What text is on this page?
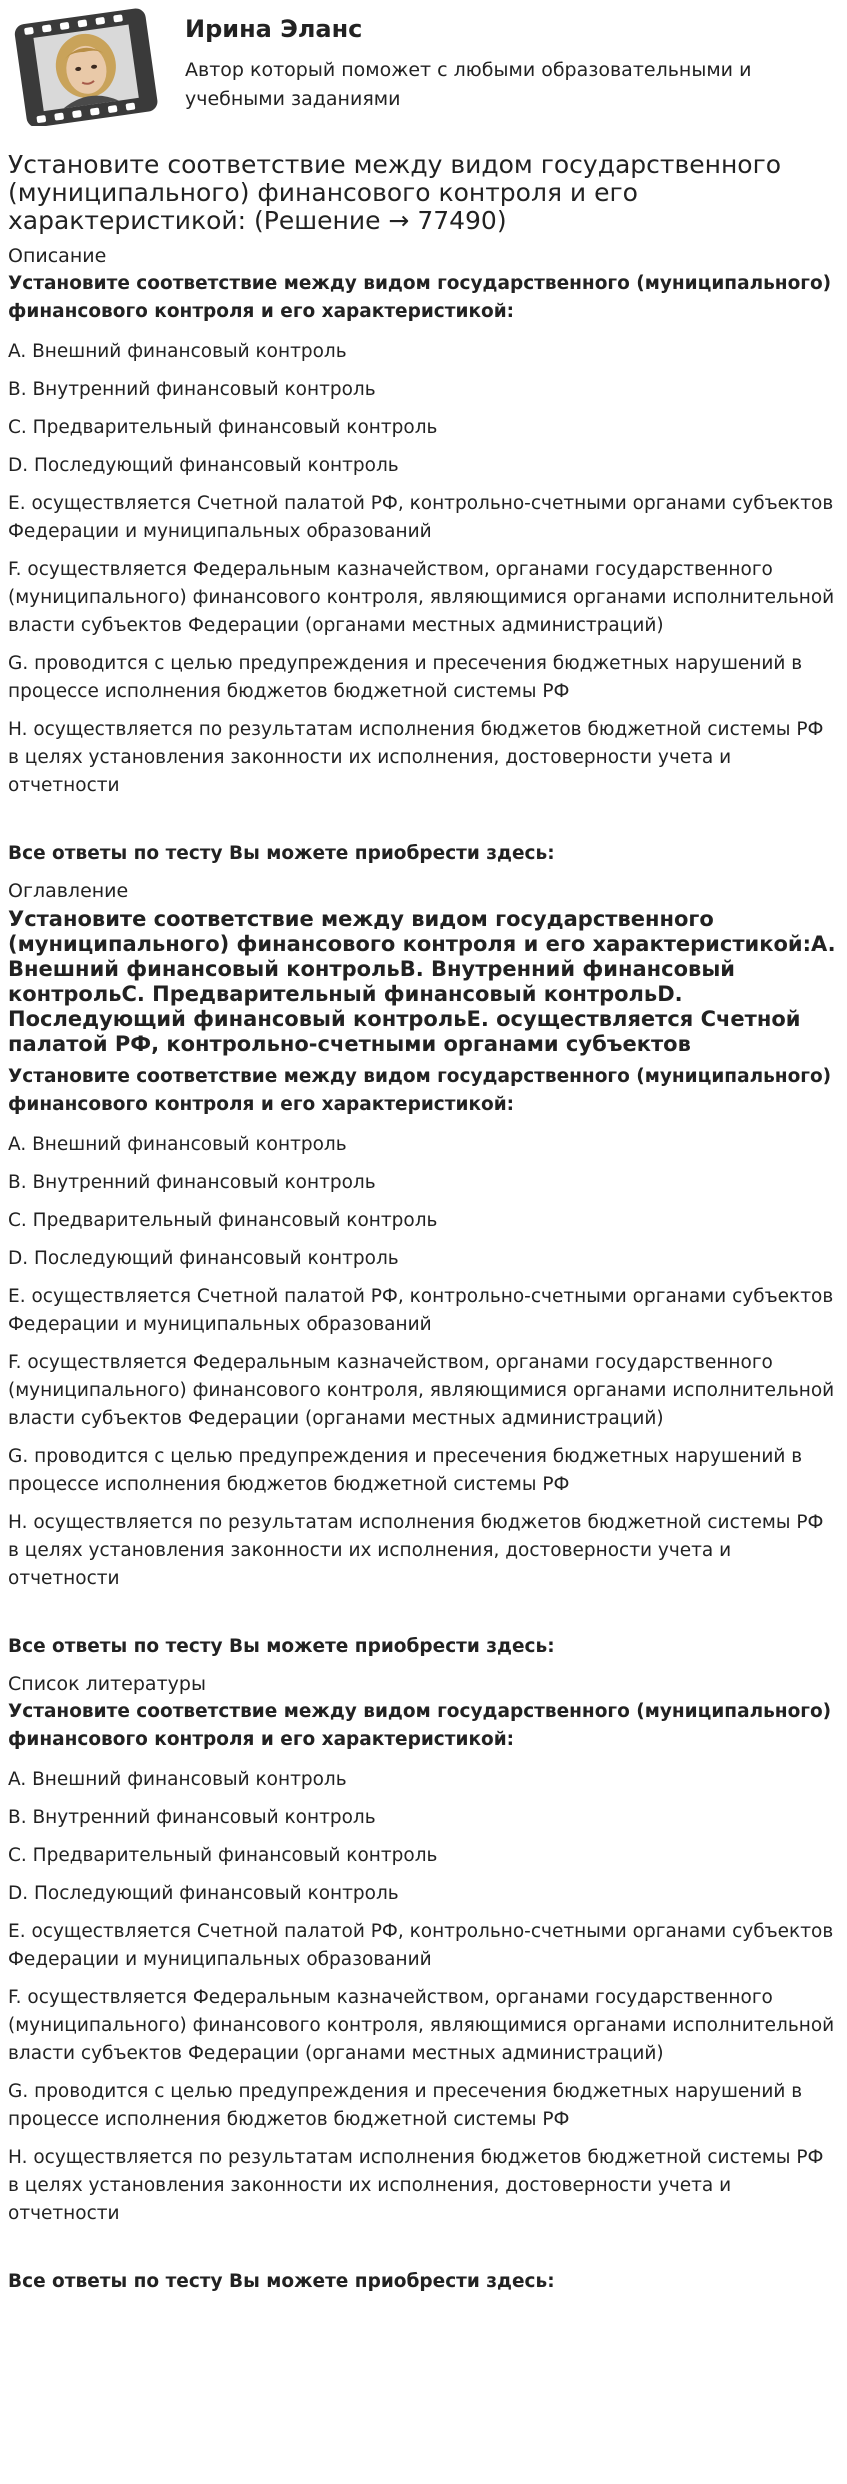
Ирина Эланс

Автор который поможет с любыми образовательными и учебными заданиями

Установите соответствие между видом государственного (муниципального) финансового контроля и его характеристикой: (Решение → 77490)

Описание

Установите соответствие между видом государственного (муниципального) финансового контроля и его характеристикой:

A. Внешний финансовый контроль

B. Внутренний финансовый контроль

C. Предварительный финансовый контроль

D. Последующий финансовый контроль

E. осуществляется Счетной палатой РФ, контрольно-счетными органами субъектов Федерации и муниципальных образований

F. осуществляется Федеральным казначейством, органами государственного (муниципального) финансового контроля, являющимися органами исполнительной власти субъектов Федерации (органами местных администраций)

G. проводится с целью предупреждения и пресечения бюджетных нарушений в процессе исполнения бюджетов бюджетной системы РФ

H. осуществляется по результатам исполнения бюджетов бюджетной системы РФ в целях установления законности их исполнения, достоверности учета и отчетности

Все ответы по тесту Вы можете приобрести здесь:

Оглавление

Установите соответствие между видом государственного (муниципального) финансового контроля и его характеристикой:A. Внешний финансовый контрольB. Внутренний финансовый контрольC. Предварительный финансовый контрольD. Последующий финансовый контрольE. осуществляется Счетной палатой РФ, контрольно-счетными органами субъектов

Установите соответствие между видом государственного (муниципального) финансового контроля и его характеристикой:

A. Внешний финансовый контроль

B. Внутренний финансовый контроль

C. Предварительный финансовый контроль

D. Последующий финансовый контроль

E. осуществляется Счетной палатой РФ, контрольно-счетными органами субъектов Федерации и муниципальных образований

F. осуществляется Федеральным казначейством, органами государственного (муниципального) финансового контроля, являющимися органами исполнительной власти субъектов Федерации (органами местных администраций)

G. проводится с целью предупреждения и пресечения бюджетных нарушений в процессе исполнения бюджетов бюджетной системы РФ

H. осуществляется по результатам исполнения бюджетов бюджетной системы РФ в целях установления законности их исполнения, достоверности учета и отчетности

Все ответы по тесту Вы можете приобрести здесь:

Список литературы

Установите соответствие между видом государственного (муниципального) финансового контроля и его характеристикой:

A. Внешний финансовый контроль

B. Внутренний финансовый контроль

C. Предварительный финансовый контроль

D. Последующий финансовый контроль

E. осуществляется Счетной палатой РФ, контрольно-счетными органами субъектов Федерации и муниципальных образований

F. осуществляется Федеральным казначейством, органами государственного (муниципального) финансового контроля, являющимися органами исполнительной власти субъектов Федерации (органами местных администраций)

G. проводится с целью предупреждения и пресечения бюджетных нарушений в процессе исполнения бюджетов бюджетной системы РФ

H. осуществляется по результатам исполнения бюджетов бюджетной системы РФ в целях установления законности их исполнения, достоверности учета и отчетности

Все ответы по тесту Вы можете приобрести здесь:
